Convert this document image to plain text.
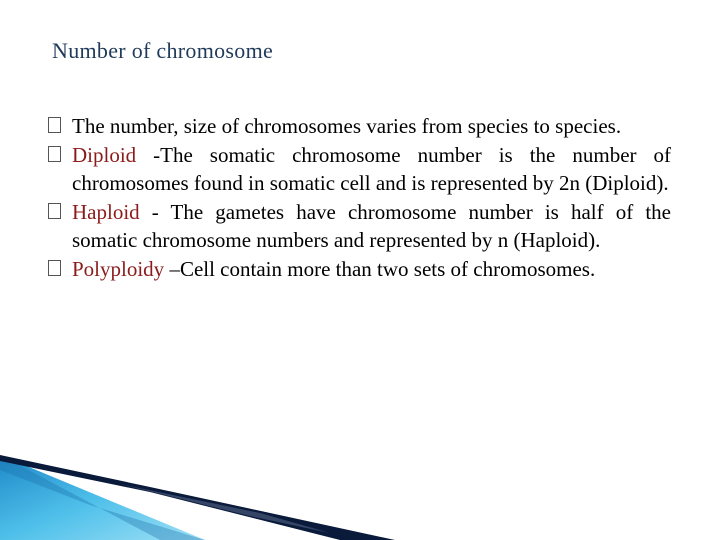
Number of chromosome
The number, size of chromosomes varies from species to species.
Diploid -The somatic chromosome number is the number of chromosomes found in somatic cell and is represented by 2n (Diploid).
Haploid - The gametes have chromosome number is half of the somatic chromosome numbers and represented by n (Haploid).
Polyploidy –Cell contain more than two sets of chromosomes.
